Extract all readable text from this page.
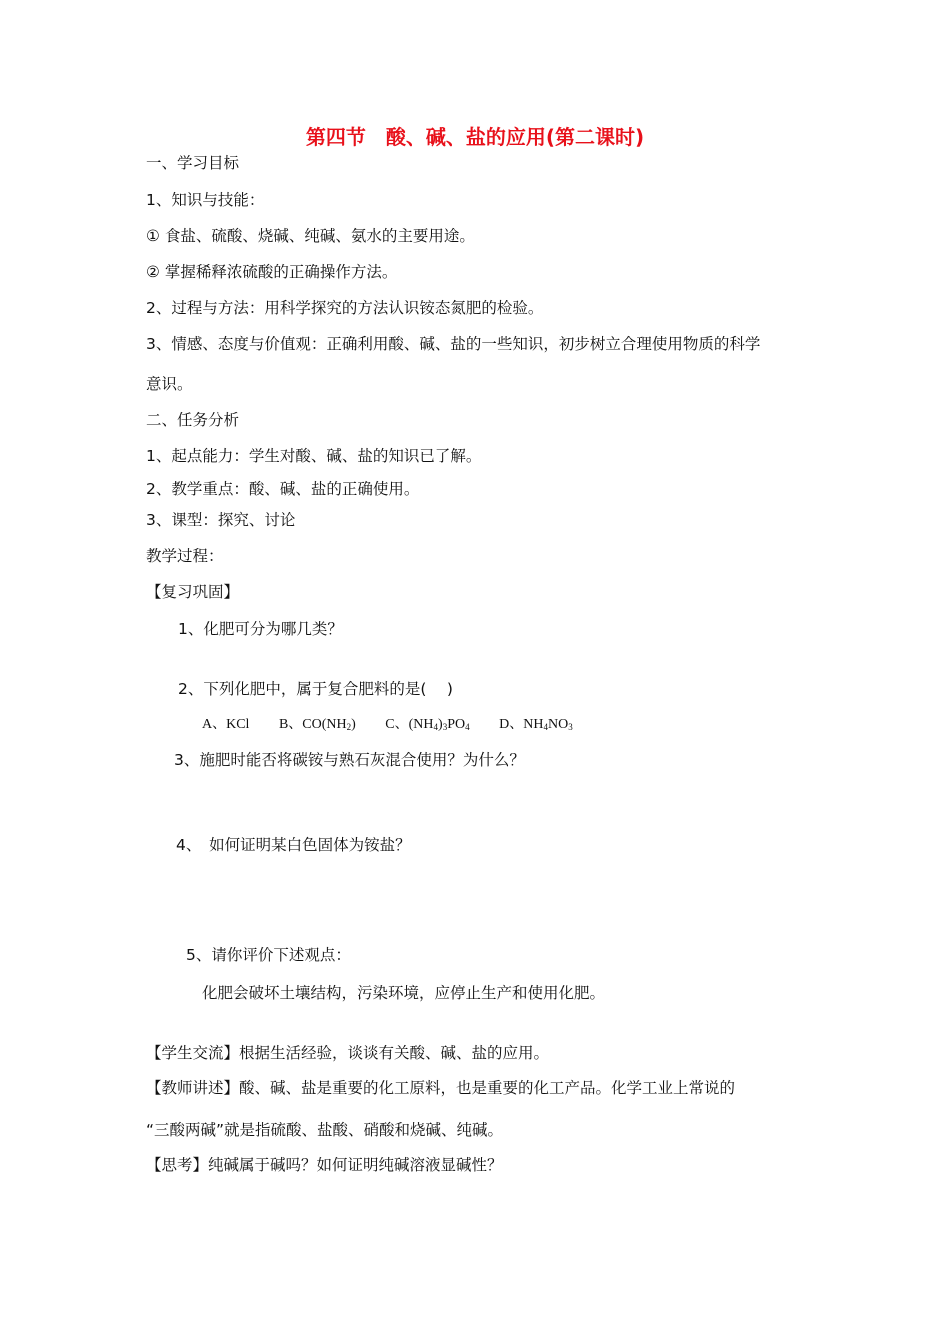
第四节　酸、碱、盐的应用(第二课时)
一、学习目标
1、知识与技能：
① 食盐、硫酸、烧碱、纯碱、氨水的主要用途。
② 掌握稀释浓硫酸的正确操作方法。
2、过程与方法：用科学探究的方法认识铵态氮肥的检验。
3、情感、态度与价值观：正确利用酸、碱、盐的一些知识，初步树立合理使用物质的科学
意识。
二、任务分析
1、起点能力：学生对酸、碱、盐的知识已了解。
2、教学重点：酸、碱、盐的正确使用。
3、课型：探究、讨论
教学过程：
【复习巩固】
1、化肥可分为哪几类？
2、下列化肥中，属于复合肥料的是(　 )
A、KCl B、$CO(NH_2)$ C、$(NH_4)_3PO_4$ D、$NH_4NO_3$
3、施肥时能否将碳铵与熟石灰混合使用？为什么？
4、　如何证明某白色固体为铵盐？
5、请你评价下述观点：
化肥会破坏土壤结构，污染环境，应停止生产和使用化肥。
【学生交流】根据生活经验，谈谈有关酸、碱、盐的应用。
【教师讲述】酸、碱、盐是重要的化工原料，也是重要的化工产品。化学工业上常说的
“三酸两碱”就是指硫酸、盐酸、硝酸和烧碱、纯碱。
【思考】纯碱属于碱吗？如何证明纯碱溶液显碱性？
